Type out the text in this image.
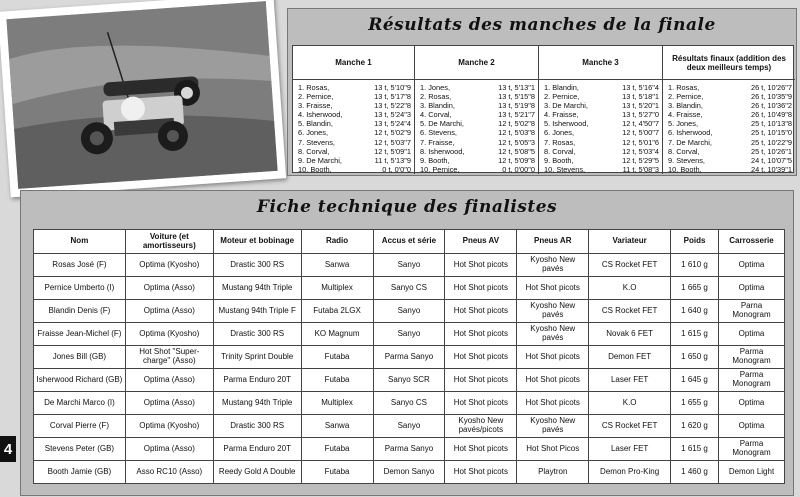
Résultats des manches de la finale
Manche 1
1. Rosas,	13 t, 5'10"9
2. Pernice,	13 t, 5'17"8
3. Fraisse,	13 t, 5'22"8
4. Isherwood,	13 t, 5'24"3
5. Blandin,	13 t, 5'24"4
6. Jones,	12 t, 5'02"9
7. Stevens,	12 t, 5'03"7
8. Corval,	12 t, 5'09"1
9. De Marchi,	11 t, 5'13"9
10. Booth,	0 t, 0'0"0
Manche 2
1. Jones,	13 t, 5'13"1
2. Rosas,	13 t, 5'15"8
3. Blandin,	13 t, 5'19"8
4. Corval,	13 t, 5'21"7
5. De Marchi,	12 t, 5'02"8
6. Stevens,	12 t, 5'03"8
7. Fraisse,	12 t, 5'05"3
8. Isherwood,	12 t, 5'08"5
9. Booth,	12 t, 5'09"8
10. Pernice,	0 t, 0'00"0
Manche 3
1. Blandin,	13 t, 5'16"4
2. Pernice,	13 t, 5'18"1
3. De Marchi,	13 t, 5'20"1
4. Fraisse,	13 t, 5'27"0
5. Isherwood,	12 t, 4'50"7
6. Jones,	12 t, 5'00"7
7. Rosas,	12 t, 5'01"6
8. Corval,	12 t, 5'03"4
9. Booth,	12 t, 5'29"5
10. Stevens,	11 t, 5'08"3
Résultats finaux (addition des deux meilleurs temps)
1. Rosas,	26 t, 10'26"7
2. Pernice,	26 t, 10'35"9
3. Blandin,	26 t, 10'36"2
4. Fraisse,	26 t, 10'49"8
5. Jones,	25 t, 10'13"8
6. Isherwood,	25 t, 10'15"0
7. De Marchi,	25 t, 10'22"9
8. Corval,	25 t, 10'26"1
9. Stevens,	24 t, 10'07"5
10. Booth,	24 t, 10'39"1
Fiche technique des finalistes
Nom	Voiture (et amortisseurs)	Moteur et bobinage	Radio	Accus et série	Pneus AV	Pneus AR	Variateur	Poids	Carrosserie
Rosas José (F)	Optima (Kyosho)	Drastic 300 RS	Sanwa	Sanyo	Hot Shot picots	Kyosho New pavés	CS Rocket FET	1 610 g	Optima
Pernice Umberto (I)	Optima (Asso)	Mustang 94th Triple	Multiplex	Sanyo CS	Hot Shot picots	Hot Shot picots	K.O	1 665 g	Optima
Blandin Denis (F)	Optima (Asso)	Mustang 94th Triple F	Futaba 2LGX	Sanyo	Hot Shot picots	Kyosho New pavés	CS Rocket FET	1 640 g	Parna Monogram
Fraisse Jean-Michel (F)	Optima (Kyosho)	Drastic 300 RS	KO Magnum	Sanyo	Hot Shot picots	Kyosho New pavés	Novak 6 FET	1 615 g	Optima
Jones Bill (GB)	Hot Shot "Super-charge" (Asso)	Trinity Sprint Double	Futaba	Parma Sanyo	Hot Shot picots	Hot Shot picots	Demon FET	1 650 g	Parma Monogram
Isherwood Richard (GB)	Optima (Asso)	Parma Enduro 20T	Futaba	Sanyo SCR	Hot Shot picots	Hot Shot picots	Laser FET	1 645 g	Parma Monogram
De Marchi Marco (I)	Optima (Asso)	Mustang 94th Triple	Multiplex	Sanyo CS	Hot Shot picots	Hot Shot picots	K.O	1 655 g	Optima
Corval Pierre (F)	Optima (Kyosho)	Drastic 300 RS	Sanwa	Sanyo	Kyosho New pavés/picots	Kyosho New pavés	CS Rocket FET	1 620 g	Optima
Stevens Peter (GB)	Optima (Asso)	Parma Enduro 20T	Futaba	Parma Sanyo	Hot Shot picots	Hot Shot Picos	Laser FET	1 615 g	Parma Monogram
Booth Jamie (GB)	Asso RC10 (Asso)	Reedy Gold A Double	Futaba	Demon Sanyo	Hot Shot picots	Playtron	Demon Pro-King	1 460 g	Demon Light
4
